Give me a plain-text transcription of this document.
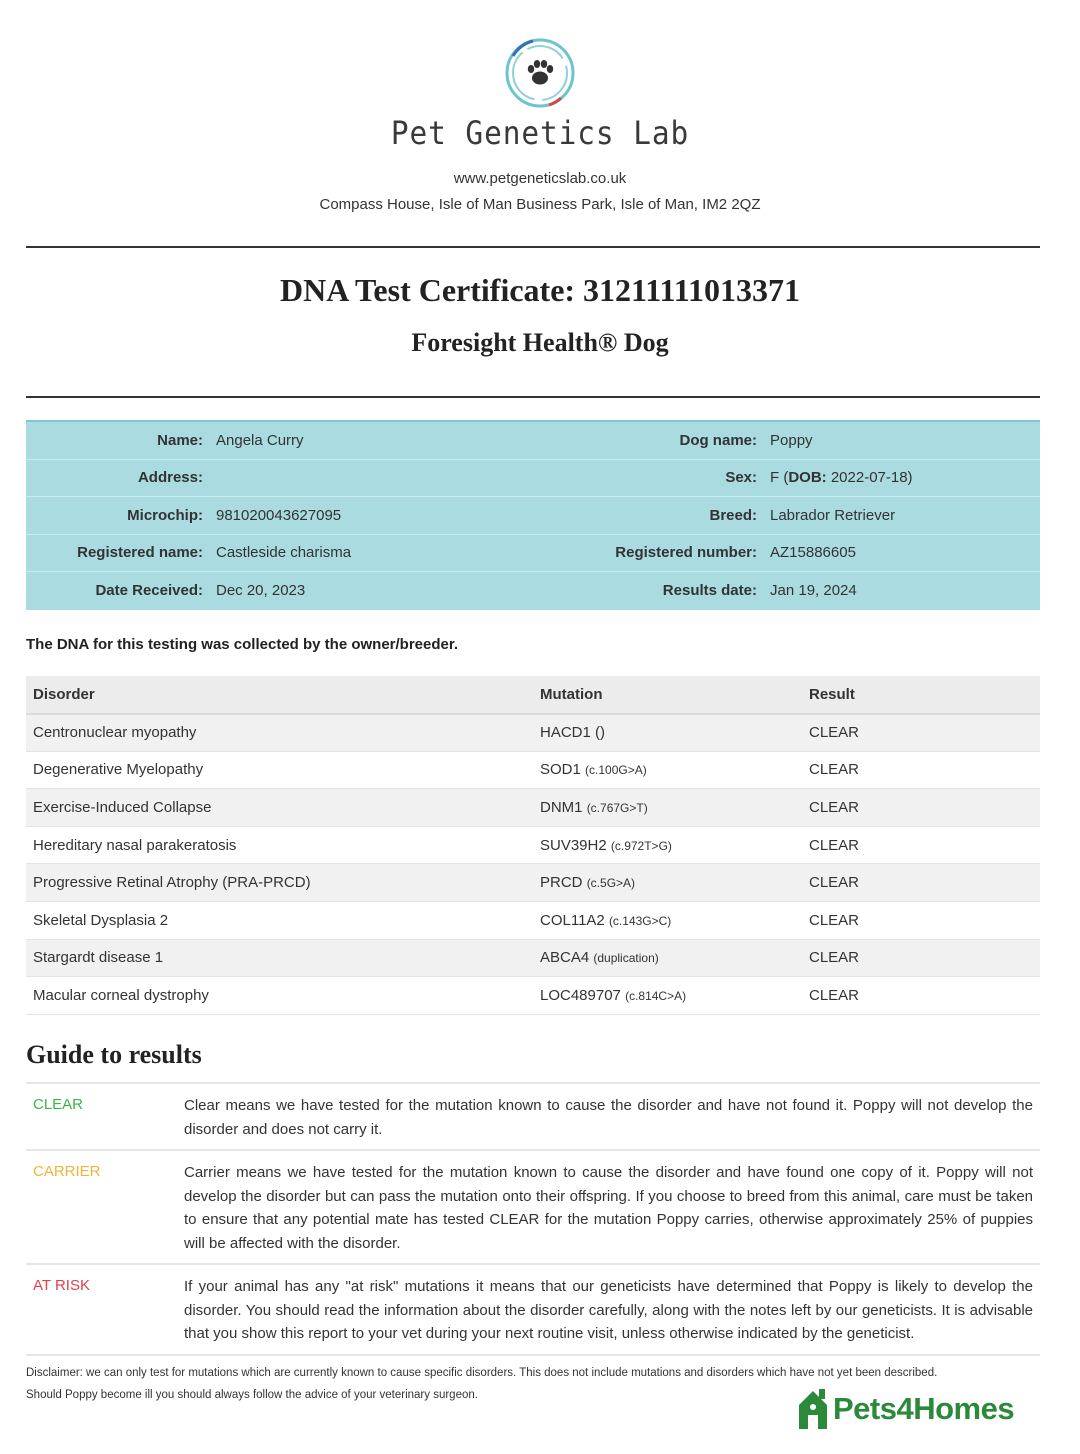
Pet Genetics Lab
www.petgeneticslab.co.uk
Compass House, Isle of Man Business Park, Isle of Man, IM2 2QZ
DNA Test Certificate: 31211111013371
Foresight Health® Dog
Name: Angela Curry	Dog name: Poppy
Address:	Sex: F (DOB: 2022-07-18)
Microchip: 981020043627095	Breed: Labrador Retriever
Registered name: Castleside charisma	Registered number: AZ15886605
Date Received: Dec 20, 2023	Results date: Jan 19, 2024
The DNA for this testing was collected by the owner/breeder.
Disorder	Mutation	Result
Centronuclear myopathy	HACD1 ()	CLEAR
Degenerative Myelopathy	SOD1 (c.100G>A)	CLEAR
Exercise-Induced Collapse	DNM1 (c.767G>T)	CLEAR
Hereditary nasal parakeratosis	SUV39H2 (c.972T>G)	CLEAR
Progressive Retinal Atrophy (PRA-PRCD)	PRCD (c.5G>A)	CLEAR
Skeletal Dysplasia 2	COL11A2 (c.143G>C)	CLEAR
Stargardt disease 1	ABCA4 (duplication)	CLEAR
Macular corneal dystrophy	LOC489707 (c.814C>A)	CLEAR
Guide to results
CLEAR	Clear means we have tested for the mutation known to cause the disorder and have not found it. Poppy will not develop the disorder and does not carry it.
CARRIER	Carrier means we have tested for the mutation known to cause the disorder and have found one copy of it. Poppy will not develop the disorder but can pass the mutation onto their offspring. If you choose to breed from this animal, care must be taken to ensure that any potential mate has tested CLEAR for the mutation Poppy carries, otherwise approximately 25% of puppies will be affected with the disorder.
AT RISK	If your animal has any "at risk" mutations it means that our geneticists have determined that Poppy is likely to develop the disorder. You should read the information about the disorder carefully, along with the notes left by our geneticists. It is advisable that you show this report to your vet during your next routine visit, unless otherwise indicated by the geneticist.
Disclaimer: we can only test for mutations which are currently known to cause specific disorders. This does not include mutations and disorders which have not yet been described.
Should Poppy become ill you should always follow the advice of your veterinary surgeon.	Pets4Homes
